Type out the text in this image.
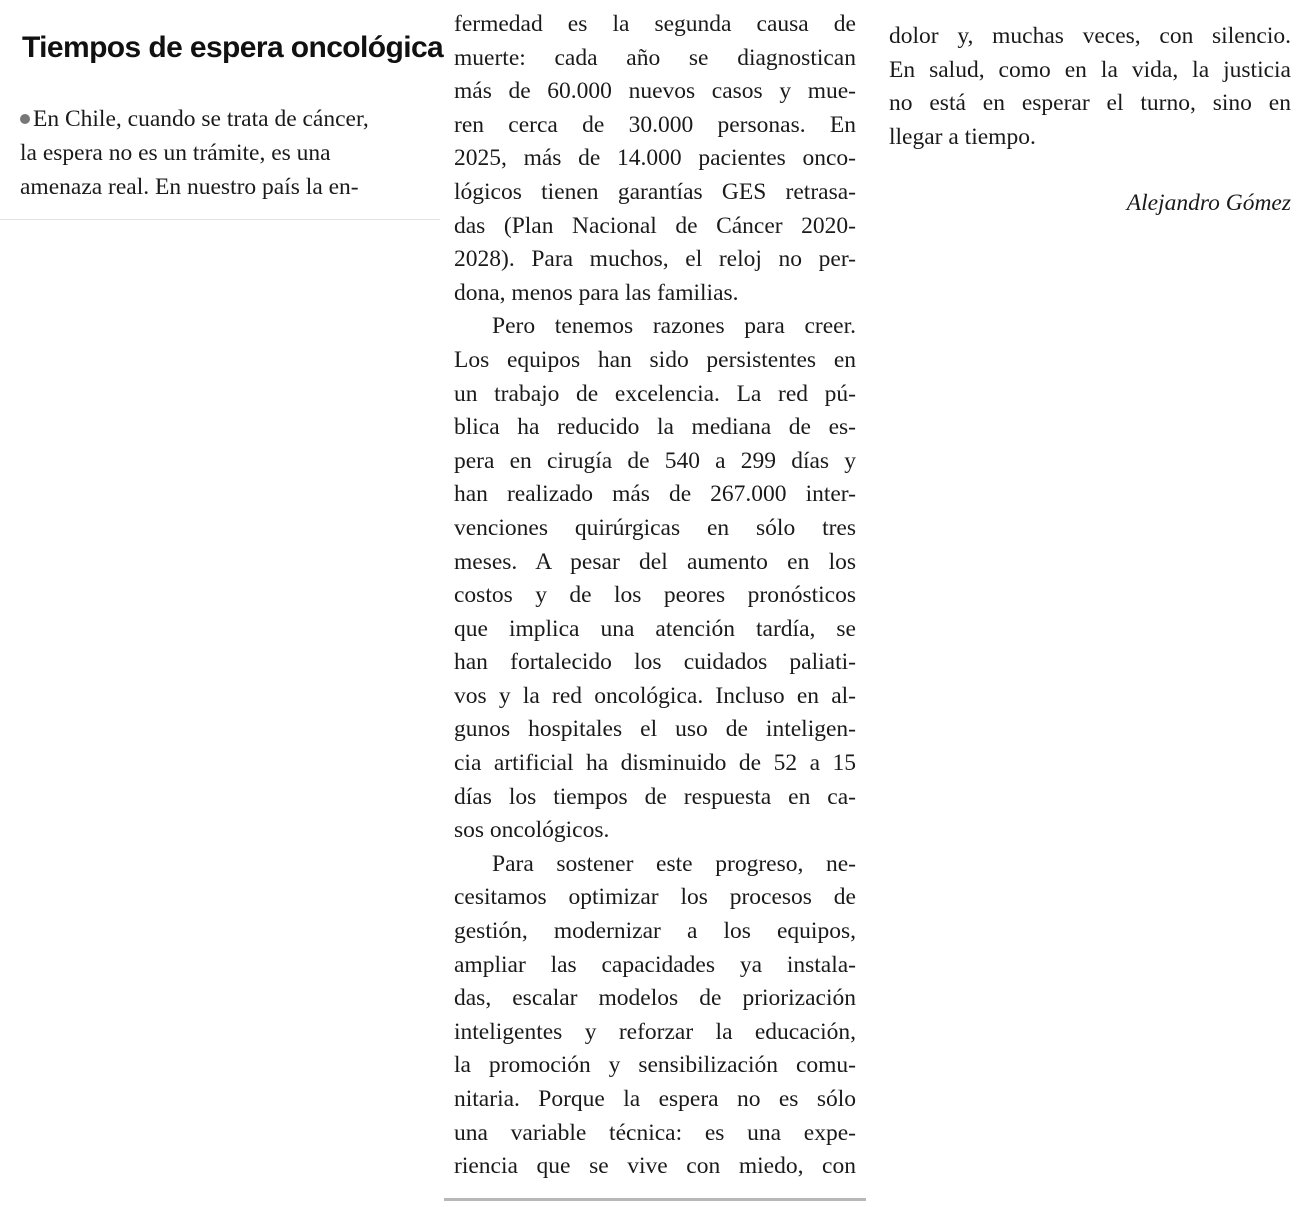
Tiempos de espera oncológica

En Chile, cuando se trata de cáncer,
la espera no es un trámite, es una
amenaza real. En nuestro país la en-

fermedad es la segunda causa de
muerte: cada año se diagnostican
más de 60.000 nuevos casos y mue-
ren cerca de 30.000 personas. En
2025, más de 14.000 pacientes onco-
lógicos tienen garantías GES retrasa-
das (Plan Nacional de Cáncer 2020-
2028). Para muchos, el reloj no per-
dona, menos para las familias.

Pero tenemos razones para creer.
Los equipos han sido persistentes en
un trabajo de excelencia. La red pú-
blica ha reducido la mediana de es-
pera en cirugía de 540 a 299 días y
han realizado más de 267.000 inter-
venciones quirúrgicas en sólo tres
meses. A pesar del aumento en los
costos y de los peores pronósticos
que implica una atención tardía, se
han fortalecido los cuidados paliati-
vos y la red oncológica. Incluso en al-
gunos hospitales el uso de inteligen-
cia artificial ha disminuido de 52 a 15
días los tiempos de respuesta en ca-
sos oncológicos.

Para sostener este progreso, ne-
cesitamos optimizar los procesos de
gestión, modernizar a los equipos,
ampliar las capacidades ya instala-
das, escalar modelos de priorización
inteligentes y reforzar la educación,
la promoción y sensibilización comu-
nitaria. Porque la espera no es sólo
una variable técnica: es una expe-
riencia que se vive con miedo, con

dolor y, muchas veces, con silencio.
En salud, como en la vida, la justicia
no está en esperar el turno, sino en
llegar a tiempo.

Alejandro Gómez
